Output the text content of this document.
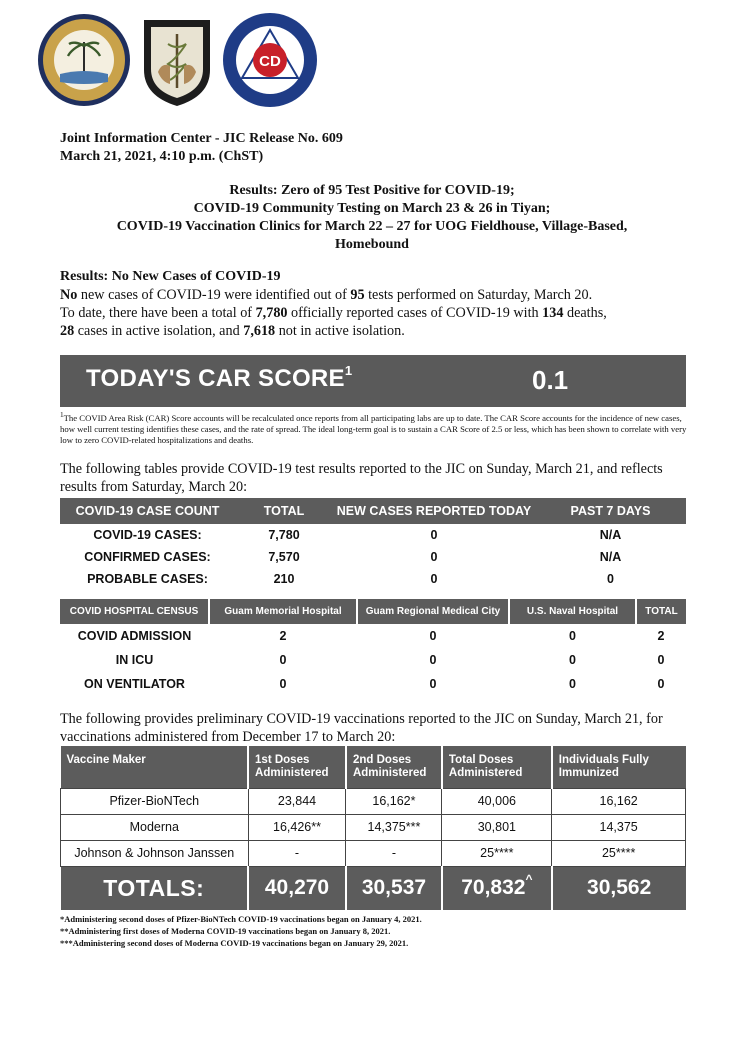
CD
Joint Information Center - JIC Release No. 609
March 21, 2021, 4:10 p.m. (ChST)
Results: Zero of 95 Test Positive for COVID-19;
COVID-19 Community Testing on March 23 & 26 in Tiyan;
COVID-19 Vaccination Clinics for March 22 – 27 for UOG Fieldhouse, Village-Based,
Homebound
Results: No New Cases of COVID-19
No new cases of COVID-19 were identified out of 95 tests performed on Saturday, March 20.
To date, there have been a total of 7,780 officially reported cases of COVID-19 with 134 deaths,
28 cases in active isolation, and 7,618 not in active isolation.
TODAY'S CAR SCORE$^1$	0.1
$^1$The COVID Area Risk (CAR) Score accounts will be recalculated once reports from all participating labs are up to date. The CAR Score accounts for the incidence of new cases, how well current testing identifies these cases, and the rate of spread. The ideal long-term goal is to sustain a CAR Score of 2.5 or less, which has been shown to correlate with very low to zero COVID-related hospitalizations and deaths.
The following tables provide COVID-19 test results reported to the JIC on Sunday, March 21, and reflects results from Saturday, March 20:
COVID-19 CASE COUNT	TOTAL	NEW CASES REPORTED TODAY	PAST 7 DAYS
COVID-19 CASES:	7,780	0	N/A
CONFIRMED CASES:	7,570	0	N/A
PROBABLE CASES:	210	0	0
COVID HOSPITAL CENSUS	Guam Memorial Hospital	Guam Regional Medical City	U.S. Naval Hospital	TOTAL
COVID ADMISSION	2	0	0	2
IN ICU	0	0	0	0
ON VENTILATOR	0	0	0	0
The following provides preliminary COVID-19 vaccinations reported to the JIC on Sunday, March 21, for vaccinations administered from December 17 to March 20:
Vaccine Maker	1st Doses Administered	2nd Doses Administered	Total Doses Administered	Individuals Fully Immunized
Pfizer-BioNTech	23,844	16,162*	40,006	16,162
Moderna	16,426**	14,375***	30,801	14,375
Johnson & Johnson Janssen	-	-	25****	25****
TOTALS:	40,270	30,537	70,832^	30,562
*Administering second doses of Pfizer-BioNTech COVID-19 vaccinations began on January 4, 2021.
**Administering first doses of Moderna COVID-19 vaccinations began on January 8, 2021.
***Administering second doses of Moderna COVID-19 vaccinations began on January 29, 2021.
